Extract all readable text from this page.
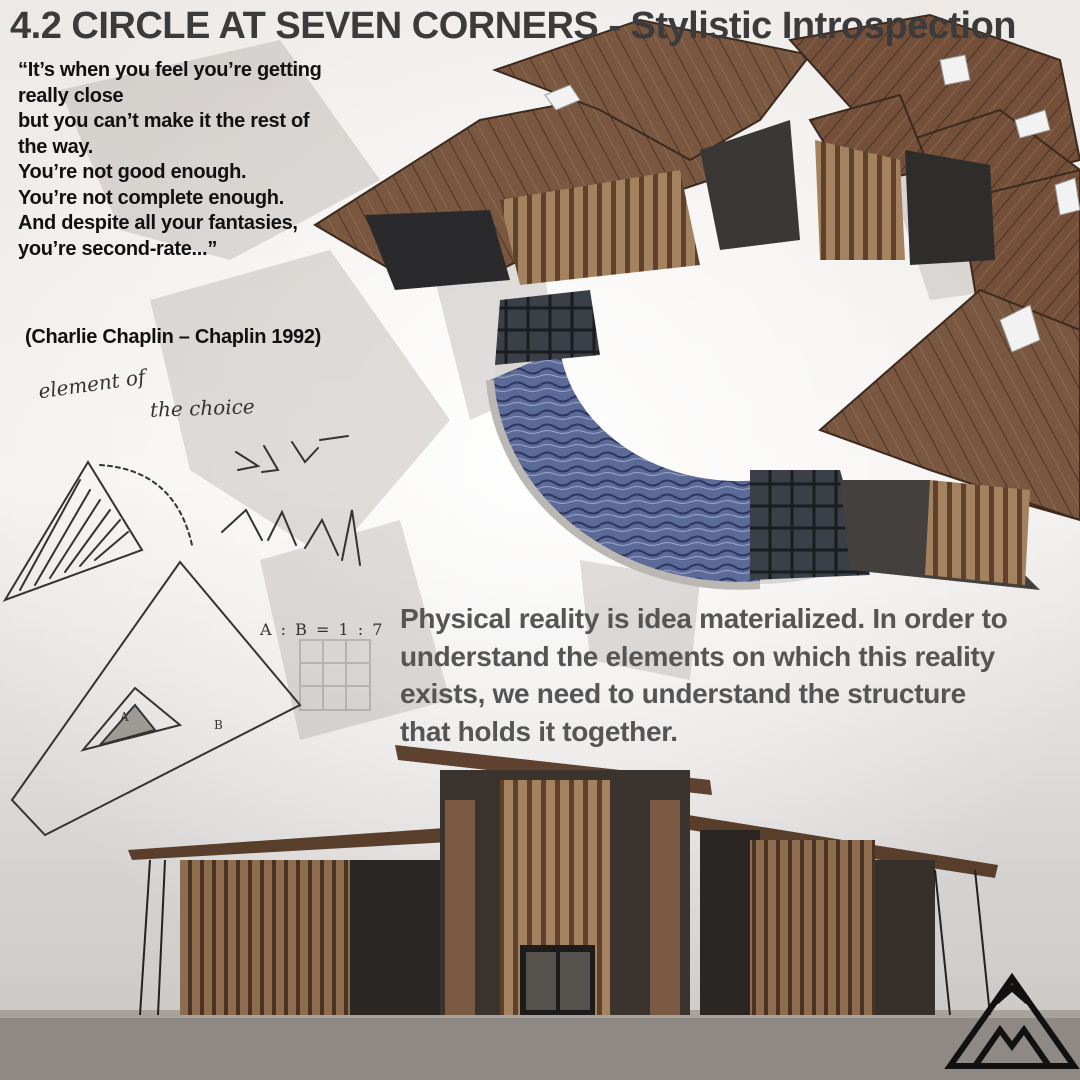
4.2 CIRCLE AT SEVEN CORNERS - Stylistic Introspection
“It’s when you feel you’re getting
really close
but you can’t make it the rest of
the way.
You’re not good enough.
You’re not complete enough.
And despite all your fantasies,
you’re second-rate...”
(Charlie Chaplin – Chaplin 1992)
element of
the choice
A : B = 1 : 7
A
B
Physical reality is idea materialized. In order to
understand the elements on which this reality
exists, we need to understand the structure
that holds it together.
